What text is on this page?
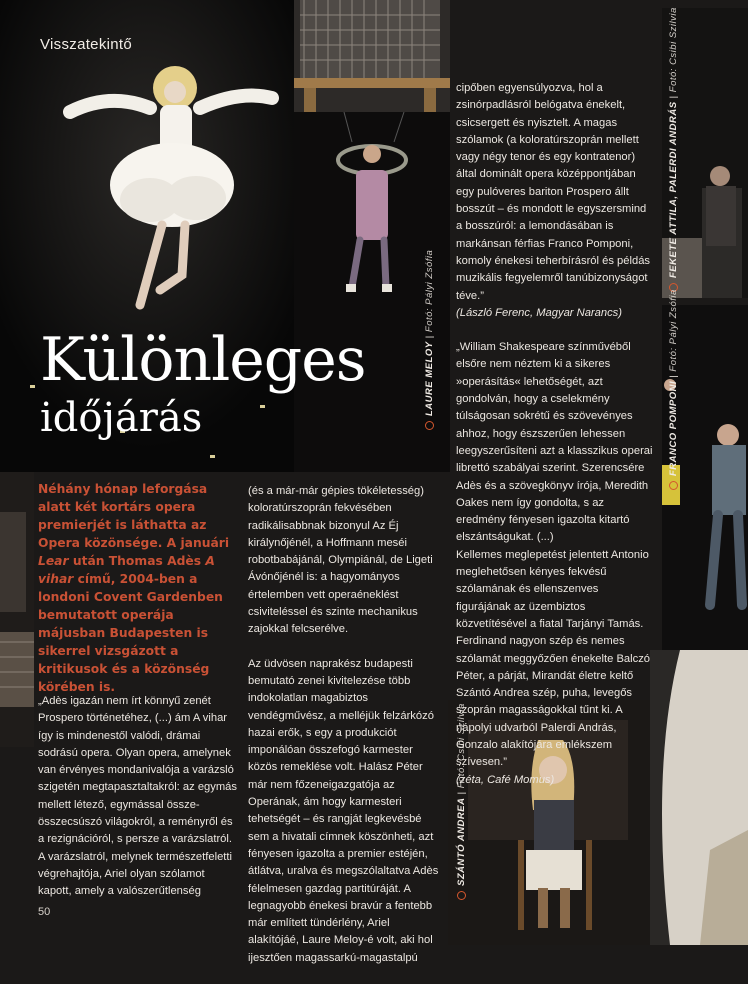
LAURE MELOY | Fotó: Pályi Zsófia
FEKETE ATTILA, PALERDI ANDRÁS | Fotó: Csibi Szilvia
FRANCO POMPONI | Fotó: Pályi Zsófia
SZÁNTÓ ANDREA | Fotó: Csibi Szilvia
Visszatekintő
Különleges
időjárás
Néhány hónap leforgása alatt két kortárs opera premierjét is láthatta az Opera közönsége. A januári Lear után Thomas Adès A vihar című, 2004-ben a londoni Covent Gardenben bemutatott operája májusban Budapesten is sikerrel vizsgázott a kritikusok és a közönség körében is.

„Adès igazán nem írt könnyű zenét Prospero történetéhez, (...) ám A vihar így is mindenestől valódi, drámai sodrású opera. Olyan opera, amelynek van érvényes mondanivalója a varázsló szigetén megtapasztaltakról: az egymás mellett létező, egymással össze-összecsúszó világokról, a reményről és a rezignációról, s persze a varázslatról. A varázslatról, melynek természetfeletti végrehajtója, Ariel olyan szólamot kapott, amely a valószerűtlenség

(és a már-már gépies tökéletesség) koloratúrszoprán fekvésében radikálisabbnak bizonyul Az Éj királynőjénél, a Hoffmann meséi robotbabájánál, Olympiánál, de Ligeti Ávónőjénél is: a hagyományos értelemben vett operaéneklést csiviteléssel és szinte mechanikus zajokkal felcserélve.

Az üdvösen naprakész budapesti bemutató zenei kivitelezése több indokolatlan magabiztos vendégművész, a melléjük felzárkózó hazai erők, s egy a produkciót imponálóan összefogó karmester közös remeklése volt. Halász Péter már nem főzeneigazgatója az Operának, ám hogy karmesteri tehetségét – és rangját legkevésbé sem a hivatali címnek köszönheti, azt fényesen igazolta a premier estéjén, átlátva, uralva és megszólaltatva Adès félelmesen gazdag partitúráját. A legnagyobb énekesi bravúr a fentebb már említett tündérlény, Ariel alakítójáé, Laure Meloy-é volt, aki hol ijesztően magassarkú-magastalpú

cipőben egyensúlyozva, hol a zsinórpadlásról belógatva énekelt, csicsergett és nyisztelt. A magas szólamok (a koloratúrszoprán mellett vagy négy tenor és egy kontratenor) által dominált opera középpontjában egy pulóveres bariton Prospero állt bosszút – és mondott le egyszersmind a bosszúról: a lemondásában is markánsan férfias Franco Pomponi, komoly énekesi teherbírásról és példás muzikális fegyelemről tanúbizonyságot téve.”

(László Ferenc, Magyar Narancs)

„William Shakespeare színművéből elsőre nem néztem ki a sikeres »operásítás« lehetőségét, azt gondolván, hogy a cselekmény túlságosan sokrétű és szövevényes ahhoz, hogy észszerűen lehessen leegyszerűsíteni azt a klasszikus operai librettó szabályai szerint. Szerencsére Adès és a szövegkönyv írója, Meredith Oakes nem így gondolta, s az eredmény fényesen igazolta kitartó elszántságukat. (...)

Kellemes meglepetést jelentett Antonio meglehetősen kényes fekvésű szólamának és ellenszenves figurájának az üzembiztos közvetítésével a fiatal Tarjányi Tamás. Ferdinand nagyon szép és nemes szólamát meggyőzően énekelte Balczó Péter, a párját, Mirandát életre keltő Szántó Andrea szép, puha, levegős szoprán magasságokkal tűnt ki. A nápolyi udvarból Palerdi András, Gonzalo alakítójára emlékszem szívesen.”

(zéta, Café Momus)

50
